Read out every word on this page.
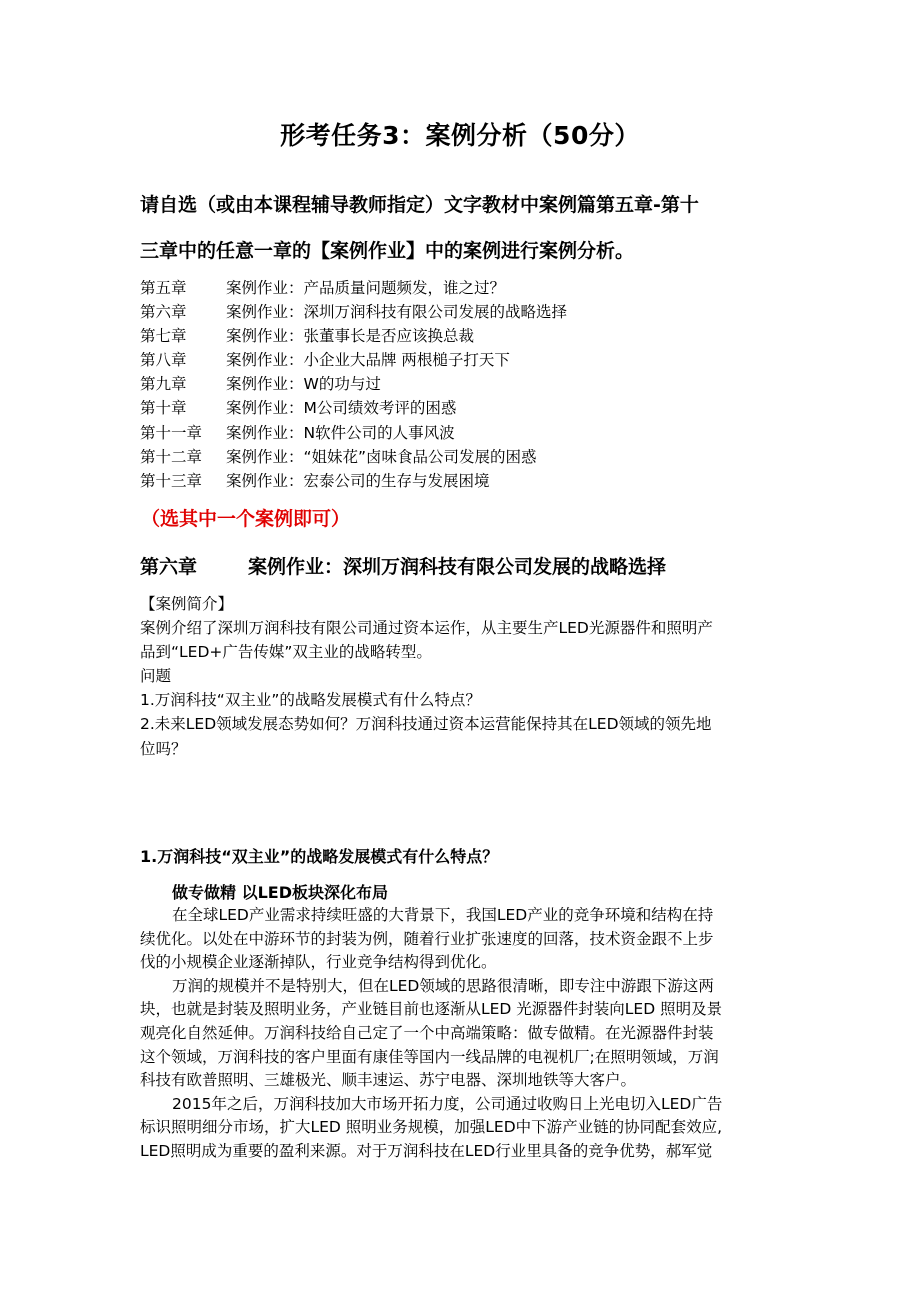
形考任务3：案例分析（50分）
请自选（或由本课程辅导教师指定）文字教材中案例篇第五章-第十
三章中的任意一章的【案例作业】中的案例进行案例分析。
第五章	案例作业：产品质量问题频发，谁之过？
第六章	案例作业：深圳万润科技有限公司发展的战略选择
第七章	案例作业：张董事长是否应该换总裁
第八章	案例作业：小企业大品牌 两根槌子打天下
第九章	案例作业：W的功与过
第十章	案例作业：M公司绩效考评的困惑
第十一章	案例作业：N软件公司的人事风波
第十二章	案例作业：“姐妹花”卤味食品公司发展的困惑
第十三章	案例作业：宏泰公司的生存与发展困境
（选其中一个案例即可）
第六章	案例作业：深圳万润科技有限公司发展的战略选择

【案例简介】

案例介绍了深圳万润科技有限公司通过资本运作，从主要生产LED光源器件和照明产

品到“LED+广告传媒”双主业的战略转型。

问题

1.万润科技“双主业”的战略发展模式有什么特点？

2.未来LED领域发展态势如何？万润科技通过资本运营能保持其在LED领域的领先地

位吗？

1.万润科技“双主业”的战略发展模式有什么特点？
做专做精 以LED板块深化布局

在全球LED产业需求持续旺盛的大背景下，我国LED产业的竞争环境和结构在持
续优化。以处在中游环节的封装为例，随着行业扩张速度的回落，技术资金跟不上步
伐的小规模企业逐渐掉队，行业竞争结构得到优化。

万润的规模并不是特别大，但在LED领域的思路很清晰，即专注中游跟下游这两
块，也就是封装及照明业务，产业链目前也逐渐从LED 光源器件封装向LED 照明及景
观亮化自然延伸。万润科技给自己定了一个中高端策略：做专做精。在光源器件封装
这个领域，万润科技的客户里面有康佳等国内一线品牌的电视机厂;在照明领域，万润
科技有欧普照明、三雄极光、顺丰速运、苏宁电器、深圳地铁等大客户。

2015年之后，万润科技加大市场开拓力度，公司通过收购日上光电切入LED广告
标识照明细分市场，扩大LED 照明业务规模，加强LED中下游产业链的协同配套效应,
LED照明成为重要的盈利来源。对于万润科技在LED行业里具备的竞争优势，郝军觉
